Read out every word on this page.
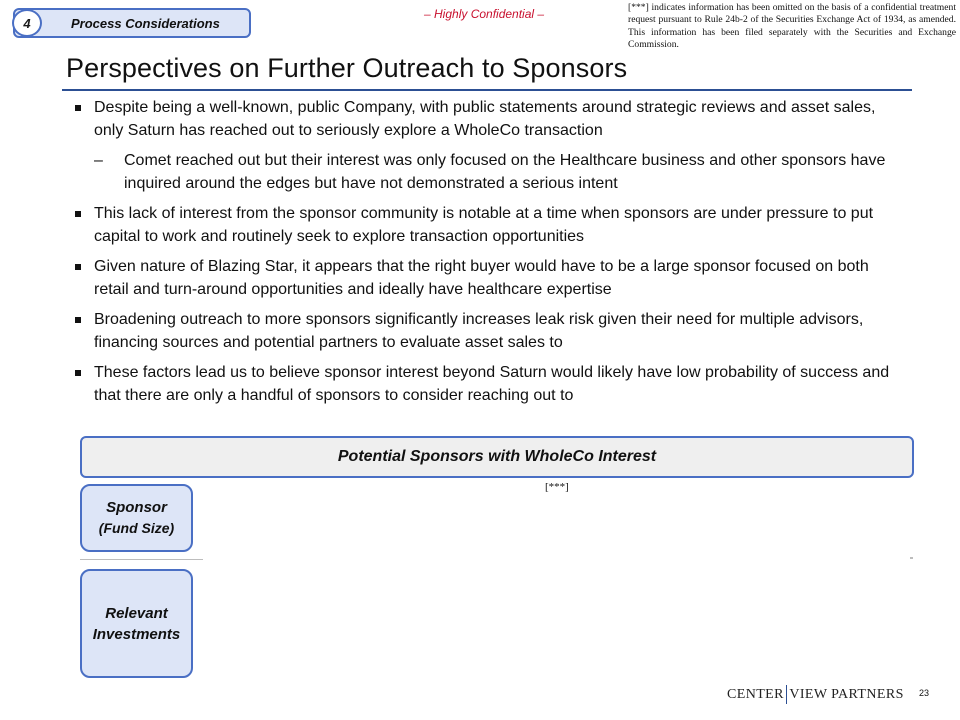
4	Process Considerations
– Highly Confidential –	[***] indicates information has been omitted on the basis of a confidential treatment request pursuant to Rule 24b-2 of the Securities Exchange Act of 1934, as amended. This information has been filed separately with the Securities and Exchange Commission.
Perspectives on Further Outreach to Sponsors
Despite being a well-known, public Company, with public statements around strategic reviews and asset sales, only Saturn has reached out to seriously explore a WholeCo transaction
– Comet reached out but their interest was only focused on the Healthcare business and other sponsors have inquired around the edges but have not demonstrated a serious intent
This lack of interest from the sponsor community is notable at a time when sponsors are under pressure to put capital to work and routinely seek to explore transaction opportunities
Given nature of Blazing Star, it appears that the right buyer would have to be a large sponsor focused on both retail and turn-around opportunities and ideally have healthcare expertise
Broadening outreach to more sponsors significantly increases leak risk given their need for multiple advisors, financing sources and potential partners to evaluate asset sales to
These factors lead us to believe sponsor interest beyond Saturn would likely have low probability of success and that there are only a handful of sponsors to consider reaching out to
Potential Sponsors with WholeCo Interest
[***]
Sponsor
(Fund Size)
Relevant
Investments
CENTER VIEW PARTNERS 23
